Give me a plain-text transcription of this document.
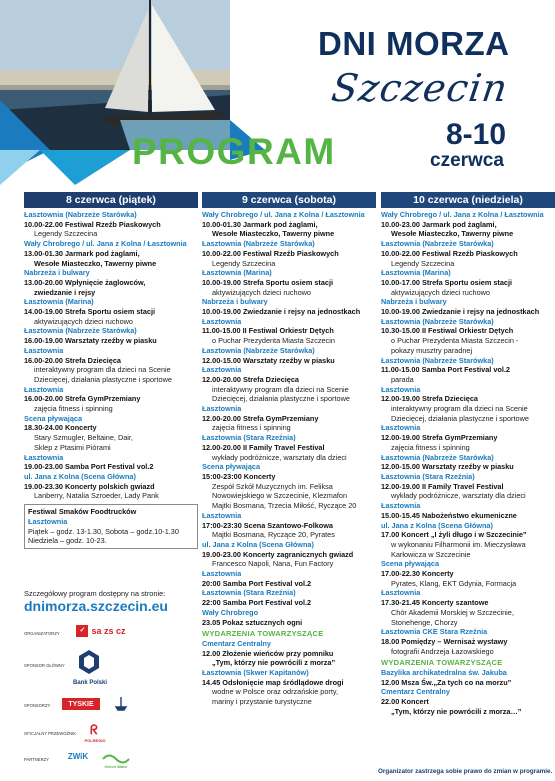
DNI MORZA
Szczecin
8-10
czerwca
PROGRAM
8 czerwca (piątek)
Łasztownia (Nabrzeże Starówka)
10.00-22.00 Festiwal Rzeźb Piaskowych
Legendy Szczecina
Wały Chrobrego / ul. Jana z Kolna / Łasztownia
13.00-01.30 Jarmark pod żaglami,
Wesołe Miasteczko, Tawerny piwne
Nabrzeża i bulwary
13.00-20.00 Wpłynięcie żaglowców,
zwiedzanie i rejsy
Łasztownia (Marina)
14.00-19.00 Strefa Sportu osiem stacji
aktywizujących dzieci ruchowo
Łasztownia (Nabrzeże Starówka)
16.00-19.00 Warsztaty rzeźby w piasku
Łasztownia
16.00-20.00 Strefa Dziecięca
interaktywny program dla dzieci na Scenie
Dziecięcej, działania plastyczne i sportowe
Łasztownia
16.00-20.00 Strefa GymPrzemiany
zajęcia fitness i spinning
Scena pływająca
18.30-24.00 Koncerty
Stary Szmugler, Beltaine, Dair,
Sklep z Ptasimi Piórami
Łasztownia
19.00-23.00 Samba Port Festival vol.2
ul. Jana z Kolna (Scena Główna)
19.00-23.30 Koncerty polskich gwiazd
Lanberry, Natalia Szroeder, Lady Pank
Festiwal Smaków Foodtrucków
Łasztownia
Piątek – godz. 13-1.30, Sobota – godz.10-1.30
Niedziela – godz. 10-23.
9 czerwca (sobota)
Wały Chrobrego / ul. Jana z Kolna / Łasztownia
10.00-01.30 Jarmark pod żaglami,
Wesołe Miasteczko, Tawerny piwne
Łasztownia (Nabrzeże Starówka)
10.00-22.00 Festiwal Rzeźb Piaskowych
Legendy Szczecina
Łasztownia (Marina)
10.00-19.00 Strefa Sportu osiem stacji
aktywizujących dzieci ruchowo
Nabrzeża i bulwary
10.00-19.00 Zwiedzanie i rejsy na jednostkach
Łasztownia
11.00-15.00 II Festiwal Orkiestr Dętych
o Puchar Prezydenta Miasta Szczecin
Łasztownia (Nabrzeże Starówka)
12.00-15.00 Warsztaty rzeźby w piasku
Łasztownia
12.00-20.00 Strefa Dziecięca
interaktywny program dla dzieci na Scenie
Dziecięcej, działania plastyczne i sportowe
Łasztownia
12.00-20.00 Strefa GymPrzemiany
zajęcia fitness i spinning
Łasztownia (Stara Rzeźnia)
12.00-20.00 II Family Travel Festival
wykłady podróżnicze, warsztaty dla dzieci
Scena pływająca
15:00-23:00 Koncerty
Zespół Szkół Muzycznych im. Feliksa
Nowowiejskiego w Szczecinie, Klezmafon
Majtki Bosmana, Trzecia Miłość, Ryczące 20
Łasztownia
17:00-23:30 Scena Szantowo-Folkowa
Majtki Bosmana, Ryczące 20, Pyrates
ul. Jana z Kolna (Scena Główna)
19.00-23.00 Koncerty zagranicznych gwiazd
Francesco Napoli, Nana, Fun Factory
Łasztownia
20:00 Samba Port Festival vol.2
Łasztownia (Stara Rzeźnia)
22:00 Samba Port Festival vol.2
Wały Chrobrego
23.05 Pokaz sztucznych ogni
WYDARZENIA TOWARZYSZĄCE
Cmentarz Centralny
12.00 Złożenie wieńców przy pomniku
„Tym, którzy nie powrócili z morza”
Łasztownia (Skwer Kapitanów)
14.45 Odsłonięcie map śródlądowe drogi
wodne w Polsce oraz odrzańskie porty,
mariny i przystanie turystyczne
10 czerwca (niedziela)
Wały Chrobrego / ul. Jana z Kolna / Łasztownia
10.00-23.00 Jarmark pod żaglami,
Wesołe Miasteczko, Tawerny piwne
Łasztownia (Nabrzeże Starówka)
10.00-22.00 Festiwal Rzeźb Piaskowych
Legendy Szczecina
Łasztownia (Marina)
10.00-17.00 Strefa Sportu osiem stacji
aktywizujących dzieci ruchowo
Nabrzeża i bulwary
10.00-19.00 Zwiedzanie i rejsy na jednostkach
Łasztownia (Nabrzeże Starówka)
10.30-15.00 II Festiwal Orkiestr Dętych
o Puchar Prezydenta Miasta Szczecin -
pokazy musztry paradnej
Łasztownia (Nabrzeże Starówka)
11.00-15.00 Samba Port Festival vol.2
parada
Łasztownia
12.00-19.00 Strefa Dziecięca
interaktywny program dla dzieci na Scenie
Dziecięcej, działania plastyczne i sportowe
Łasztownia
12.00-19.00 Strefa GymPrzemiany
zajęcia fitness i spinning
Łasztownia (Nabrzeże Starówka)
12.00-15.00 Warsztaty rzeźby w piasku
Łasztownia (Stara Rzeźnia)
12.00-19.00 II Family Travel Festival
wykłady podróżnicze, warsztaty dla dzieci
Łasztownia
15.00-15.45 Nabożeństwo ekumeniczne
ul. Jana z Kolna (Scena Główna)
17.00 Koncert „I żyli długo i w Szczecinie”
w wykonaniu Filharmonii im. Mieczysława
Karłowicza w Szczecinie
Scena pływająca
17.00-22.30 Koncerty
Pyrates, Klang, EKT Gdynia, Formacja
Łasztownia
17.30-21.45 Koncerty szantowe
Chór Akademii Morskiej w Szczecinie,
Stonehenge, Chorzy
Łasztownia CKE Stara Rzeźnia
18.00 Pomiędzy – Wernisaż wystawy
fotografii Andrzeja Łazowskiego
WYDARZENIA TOWARZYSZĄCE
Bazylika archikatedralna św. Jakuba
12.00 Msza Św.„Za tych co na morzu”
Cmentarz Centralny
22.00 Koncert
„Tym, którzy nie powrócili z morza…”
Szczegółowy program dostępny na stronie:
dnimorza.szczecin.eu
ORGANIZATORZY	✓ sa zs cz
SPONSOR GŁÓWNY
Bank Polski
SPONSORZY	TYSKIE
OFICJALNY PRZEWOŹNIK	ᖇ
POLREGIO
PARTNERZY	ZWiK
Green Wave
Organizator zastrzega sobie prawo do zmian w programie.
